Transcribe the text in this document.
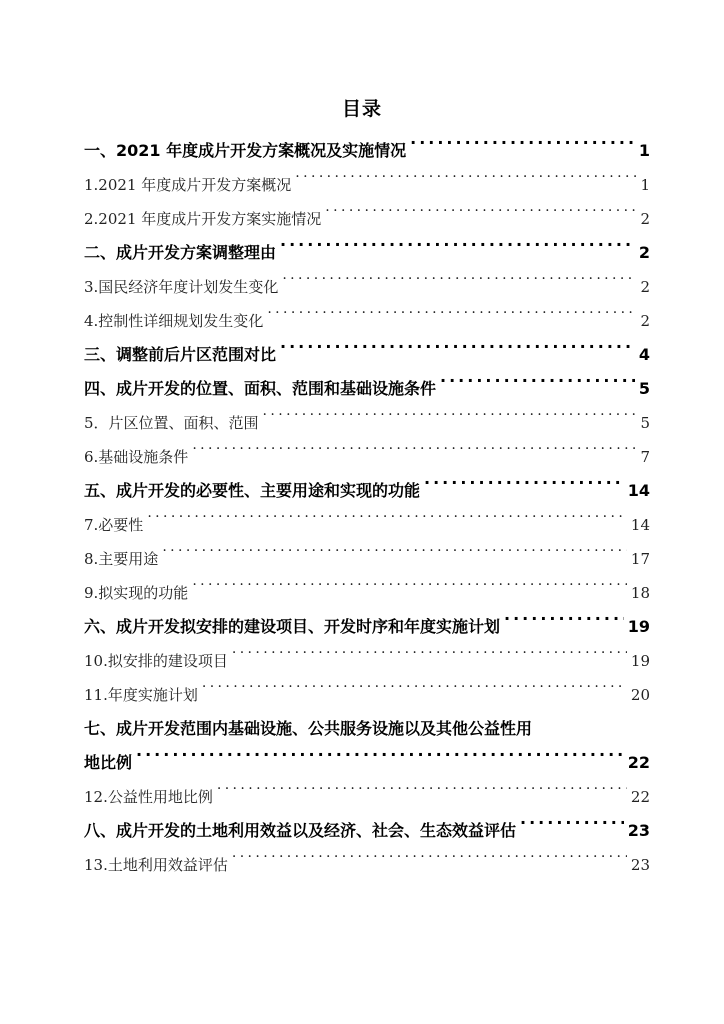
目录
一、2021 年度成片开发方案概况及实施情况 .....	1
1.2021 年度成片开发方案概况 .....	1
2.2021 年度成片开发方案实施情况 .....	2
二、成片开发方案调整理由 .....	2
3.国民经济年度计划发生变化 .....	2
4.控制性详细规划发生变化 .....	2
三、调整前后片区范围对比 .....	4
四、成片开发的位置、面积、范围和基础设施条件 .....	5
5．片区位置、面积、范围 .....	5
6.基础设施条件 .....	7
五、成片开发的必要性、主要用途和实现的功能 .....	14
7.必要性 .....	14
8.主要用途 .....	17
9.拟实现的功能 .....	18
六、成片开发拟安排的建设项目、开发时序和年度实施计划 .....	19
10.拟安排的建设项目 .....	19
11.年度实施计划 .....	20
七、成片开发范围内基础设施、公共服务设施以及其他公益性用
地比例 .....	22
12.公益性用地比例 .....	22
八、成片开发的土地利用效益以及经济、社会、生态效益评估 .....	23
13.土地利用效益评估 .....	23
